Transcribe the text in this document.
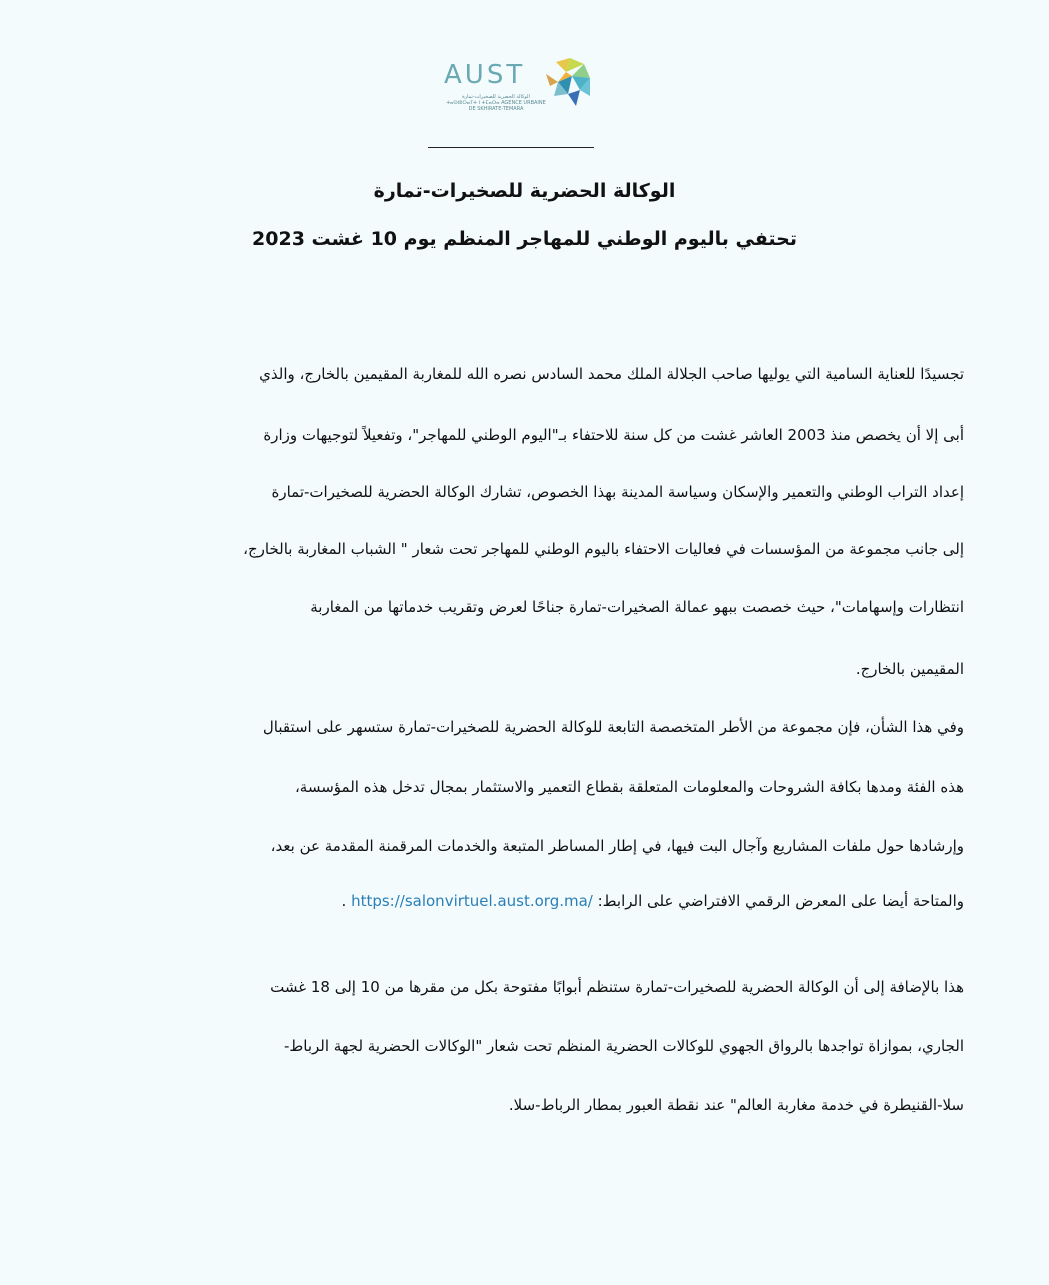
AUST
الوكالة الحضرية للصخيرات-تمارة ⵜⴰⵙⵏⵓⵔⴰⵢⵜ ⵏ ⵜⵎⴰⵔⴰ AGENCE URBAINE DE SKHIRATE-TEMARA
الوكالة الحضرية للصخيرات-تمارة
تحتفي باليوم الوطني للمهاجر المنظم يوم 10 غشت 2023
تجسيدًا للعناية السامية التي يوليها صاحب الجلالة الملك محمد السادس نصره الله للمغاربة المقيمين بالخارج، والذي
أبى إلا أن يخصص منذ 2003 العاشر غشت من كل سنة للاحتفاء بـ"اليوم الوطني للمهاجر"، وتفعيلاً لتوجيهات وزارة
إعداد التراب الوطني والتعمير والإسكان وسياسة المدينة بهذا الخصوص، تشارك الوكالة الحضرية للصخيرات-تمارة
إلى جانب مجموعة من المؤسسات في فعاليات الاحتفاء باليوم الوطني للمهاجر تحت شعار " الشباب المغاربة بالخارج،
انتظارات وإسهامات"، حيث خصصت ببهو عمالة الصخيرات-تمارة جناحًا لعرض وتقريب خدماتها من المغاربة
المقيمين بالخارج.
وفي هذا الشأن، فإن مجموعة من الأطر المتخصصة التابعة للوكالة الحضرية للصخيرات-تمارة ستسهر على استقبال
هذه الفئة ومدها بكافة الشروحات والمعلومات المتعلقة بقطاع التعمير والاستثمار بمجال تدخل هذه المؤسسة،
وإرشادها حول ملفات المشاريع وآجال البت فيها، في إطار المساطر المتبعة والخدمات المرقمنة المقدمة عن بعد،
والمتاحة أيضا على المعرض الرقمي الافتراضي على الرابط: https://salonvirtuel.aust.org.ma/ .
هذا بالإضافة إلى أن الوكالة الحضرية للصخيرات-تمارة ستنظم أبوابًا مفتوحة بكل من مقرها من 10 إلى 18 غشت
الجاري، بموازاة تواجدها بالرواق الجهوي للوكالات الحضرية المنظم تحت شعار "الوكالات الحضرية لجهة الرباط-
سلا-القنيطرة في خدمة مغاربة العالم" عند نقطة العبور بمطار الرباط-سلا.
